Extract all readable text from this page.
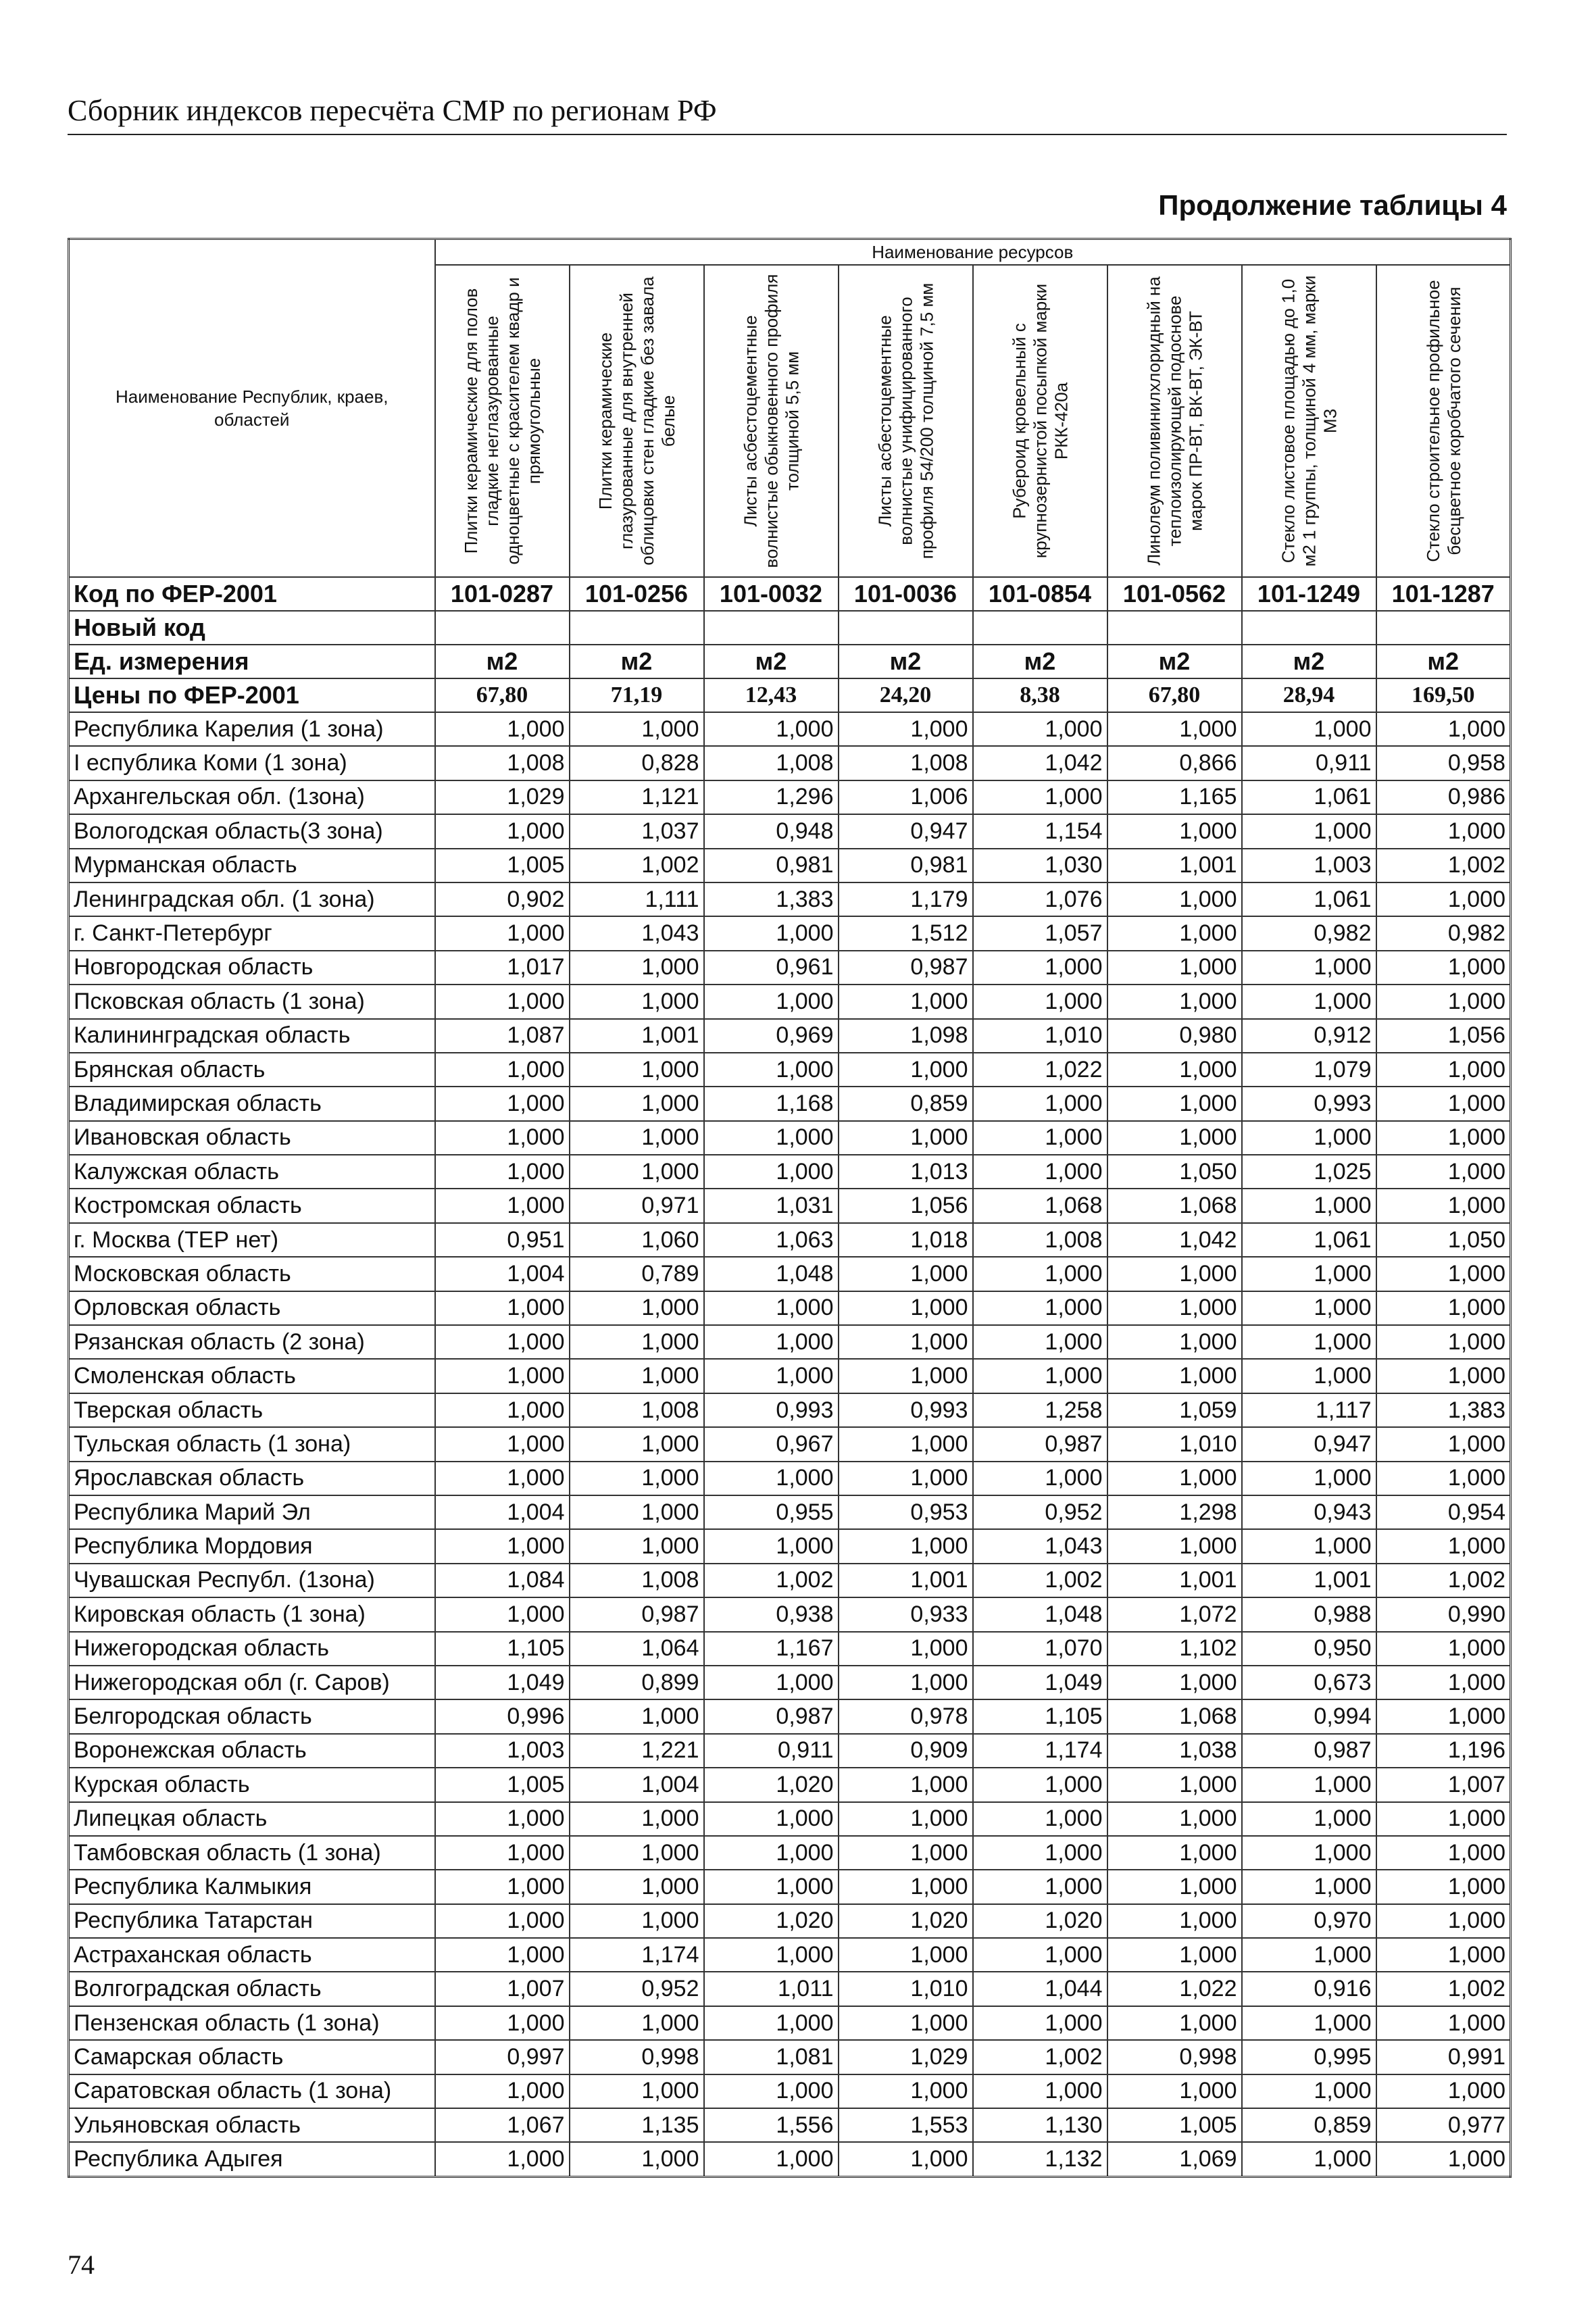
Сборник индексов пересчёта СМР по регионам РФ
Продолжение таблицы 4
Наименование Республик, краев, областей	Наименование ресурсов							

	Плитки керамические для полов гладкие неглазурованные одноцветные с красителем квадр и прямоугольные	Плитки керамические глазурованные для внутренней облицовки стен гладкие без завала белые	Листы асбестоцементные волнистые обыкновенного профиля толщиной 5,5 мм	Листы асбестоцементные волнистые унифицированного профиля 54/200 толщиной 7,5 мм	Рубероид кровельный с крупнозернистой посыпкой марки РКК-420а	Линолеум поливинилхлоридный на теплоизолирующей подоснове марок ПР-ВТ, ВК-ВТ, ЭК-ВТ	Стекло листовое площадью до 1,0 м2 1 группы, толщиной 4 мм, марки М3	Стекло строительное профильное бесцветное коробчатого сечения

Код по ФЕР-2001	101-0287	101-0256	101-0032	101-0036	101-0854	101-0562	101-1249	101-1287
Новый код								
Ед. измерения	м2	м2	м2	м2	м2	м2	м2	м2
Цены по ФЕР-2001	67,80	71,19	12,43	24,20	8,38	67,80	28,94	169,50
Республика Карелия (1 зона)	1,000	1,000	1,000	1,000	1,000	1,000	1,000	1,000
I еспублика Коми (1 зона)	1,008	0,828	1,008	1,008	1,042	0,866	0,911	0,958
Архангельская обл. (1зона)	1,029	1,121	1,296	1,006	1,000	1,165	1,061	0,986
Вологодская область(3 зона)	1,000	1,037	0,948	0,947	1,154	1,000	1,000	1,000
Мурманская область	1,005	1,002	0,981	0,981	1,030	1,001	1,003	1,002
Ленинградская обл. (1 зона)	0,902	1,111	1,383	1,179	1,076	1,000	1,061	1,000
г. Санкт-Петербург	1,000	1,043	1,000	1,512	1,057	1,000	0,982	0,982
Новгородская область	1,017	1,000	0,961	0,987	1,000	1,000	1,000	1,000
Псковская область (1 зона)	1,000	1,000	1,000	1,000	1,000	1,000	1,000	1,000
Калининградская область	1,087	1,001	0,969	1,098	1,010	0,980	0,912	1,056
Брянская область	1,000	1,000	1,000	1,000	1,022	1,000	1,079	1,000
Владимирская область	1,000	1,000	1,168	0,859	1,000	1,000	0,993	1,000
Ивановская область	1,000	1,000	1,000	1,000	1,000	1,000	1,000	1,000
Калужская область	1,000	1,000	1,000	1,013	1,000	1,050	1,025	1,000
Костромская область	1,000	0,971	1,031	1,056	1,068	1,068	1,000	1,000
г. Москва (ТЕР нет)	0,951	1,060	1,063	1,018	1,008	1,042	1,061	1,050
Московская область	1,004	0,789	1,048	1,000	1,000	1,000	1,000	1,000
Орловская область	1,000	1,000	1,000	1,000	1,000	1,000	1,000	1,000
Рязанская область (2 зона)	1,000	1,000	1,000	1,000	1,000	1,000	1,000	1,000
Смоленская область	1,000	1,000	1,000	1,000	1,000	1,000	1,000	1,000
Тверская область	1,000	1,008	0,993	0,993	1,258	1,059	1,117	1,383
Тульская область (1 зона)	1,000	1,000	0,967	1,000	0,987	1,010	0,947	1,000
Ярославская область	1,000	1,000	1,000	1,000	1,000	1,000	1,000	1,000
Республика Марий Эл	1,004	1,000	0,955	0,953	0,952	1,298	0,943	0,954
Республика Мордовия	1,000	1,000	1,000	1,000	1,043	1,000	1,000	1,000
Чувашская Республ. (1зона)	1,084	1,008	1,002	1,001	1,002	1,001	1,001	1,002
Кировская область (1 зона)	1,000	0,987	0,938	0,933	1,048	1,072	0,988	0,990
Нижегородская область	1,105	1,064	1,167	1,000	1,070	1,102	0,950	1,000
Нижегородская обл (г. Саров)	1,049	0,899	1,000	1,000	1,049	1,000	0,673	1,000
Белгородская область	0,996	1,000	0,987	0,978	1,105	1,068	0,994	1,000
Воронежская область	1,003	1,221	0,911	0,909	1,174	1,038	0,987	1,196
Курская область	1,005	1,004	1,020	1,000	1,000	1,000	1,000	1,007
Липецкая область	1,000	1,000	1,000	1,000	1,000	1,000	1,000	1,000
Тамбовская область (1 зона)	1,000	1,000	1,000	1,000	1,000	1,000	1,000	1,000
Республика Калмыкия	1,000	1,000	1,000	1,000	1,000	1,000	1,000	1,000
Республика Татарстан	1,000	1,000	1,020	1,020	1,020	1,000	0,970	1,000
Астраханская область	1,000	1,174	1,000	1,000	1,000	1,000	1,000	1,000
Волгоградская область	1,007	0,952	1,011	1,010	1,044	1,022	0,916	1,002
Пензенская область (1 зона)	1,000	1,000	1,000	1,000	1,000	1,000	1,000	1,000
Самарская область	0,997	0,998	1,081	1,029	1,002	0,998	0,995	0,991
Саратовская область (1 зона)	1,000	1,000	1,000	1,000	1,000	1,000	1,000	1,000
Ульяновская область	1,067	1,135	1,556	1,553	1,130	1,005	0,859	0,977
Республика Адыгея	1,000	1,000	1,000	1,000	1,132	1,069	1,000	1,000
74
